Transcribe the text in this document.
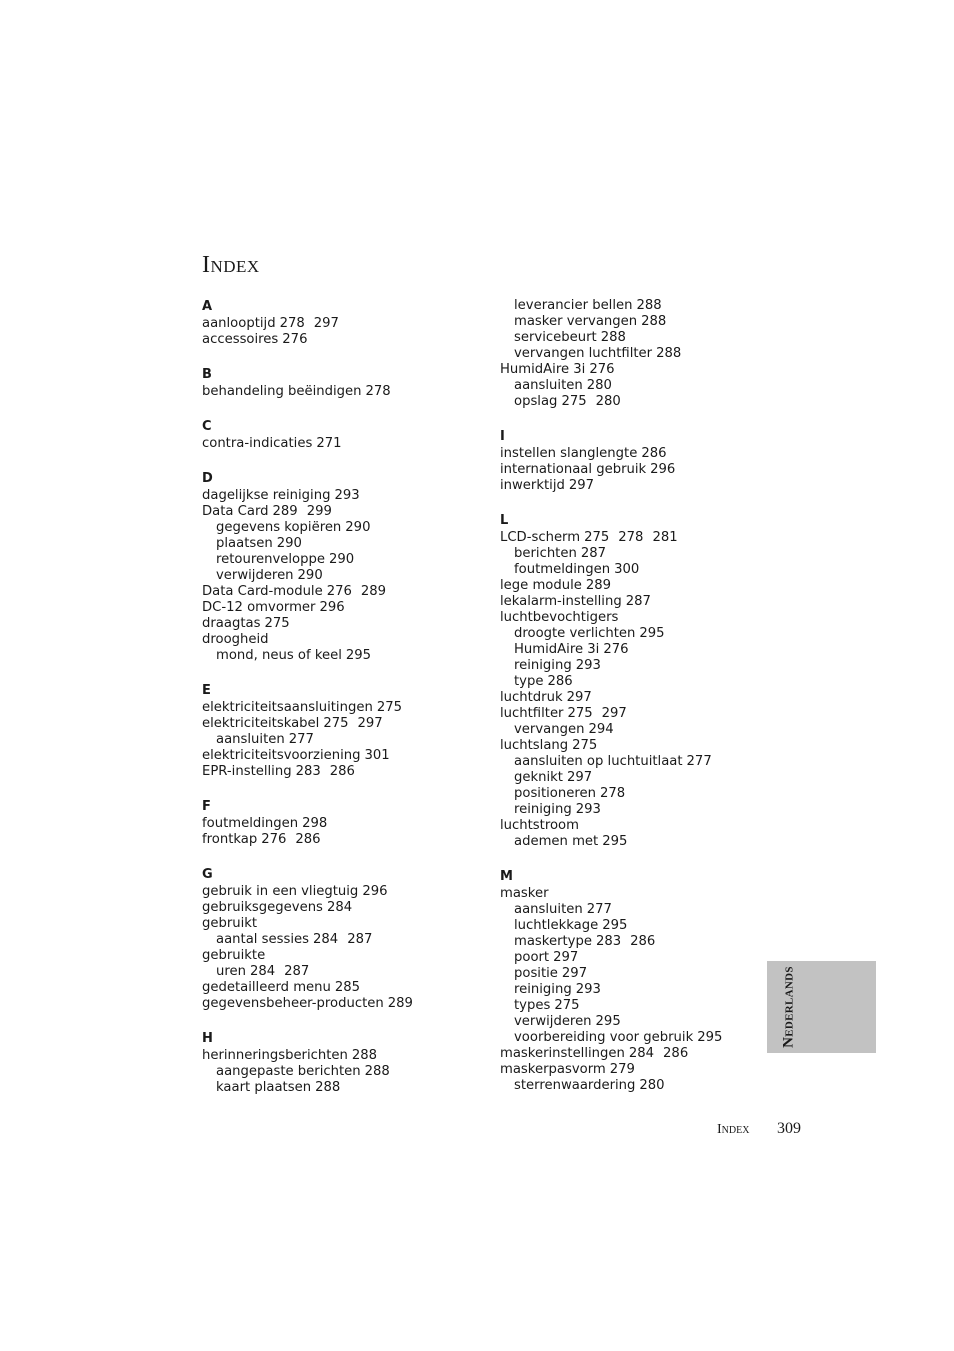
Index
A
aanlooptijd 278 297
accessoires 276
B
behandeling beëindigen 278
C
contra-indicaties 271
D
dagelijkse reiniging 293
Data Card 289 299
gegevens kopiëren 290
plaatsen 290
retourenveloppe 290
verwijderen 290
Data Card-module 276 289
DC-12 omvormer 296
draagtas 275
droogheid
mond, neus of keel 295
E
elektriciteitsaansluitingen 275
elektriciteitskabel 275 297
aansluiten 277
elektriciteitsvoorziening 301
EPR-instelling 283 286
F
foutmeldingen 298
frontkap 276 286
G
gebruik in een vliegtuig 296
gebruiksgegevens 284
gebruikt
aantal sessies 284 287
gebruikte
uren 284 287
gedetailleerd menu 285
gegevensbeheer-producten 289
H
herinneringsberichten 288
aangepaste berichten 288
kaart plaatsen 288
leverancier bellen 288
masker vervangen 288
servicebeurt 288
vervangen luchtfilter 288
HumidAire 3i 276
aansluiten 280
opslag 275 280
I
instellen slanglengte 286
internationaal gebruik 296
inwerktijd 297
L
LCD-scherm 275 278 281
berichten 287
foutmeldingen 300
lege module 289
lekalarm-instelling 287
luchtbevochtigers
droogte verlichten 295
HumidAire 3i 276
reiniging 293
type 286
luchtdruk 297
luchtfilter 275 297
vervangen 294
luchtslang 275
aansluiten op luchtuitlaat 277
geknikt 297
positioneren 278
reiniging 293
luchtstroom
ademen met 295
M
masker
aansluiten 277
luchtlekkage 295
maskertype 283 286
poort 297
positie 297
reiniging 293
types 275
verwijderen 295
voorbereiding voor gebruik 295
maskerinstellingen 284 286
maskerpasvorm 279
sterrenwaardering 280
Nederlands
Index 309
